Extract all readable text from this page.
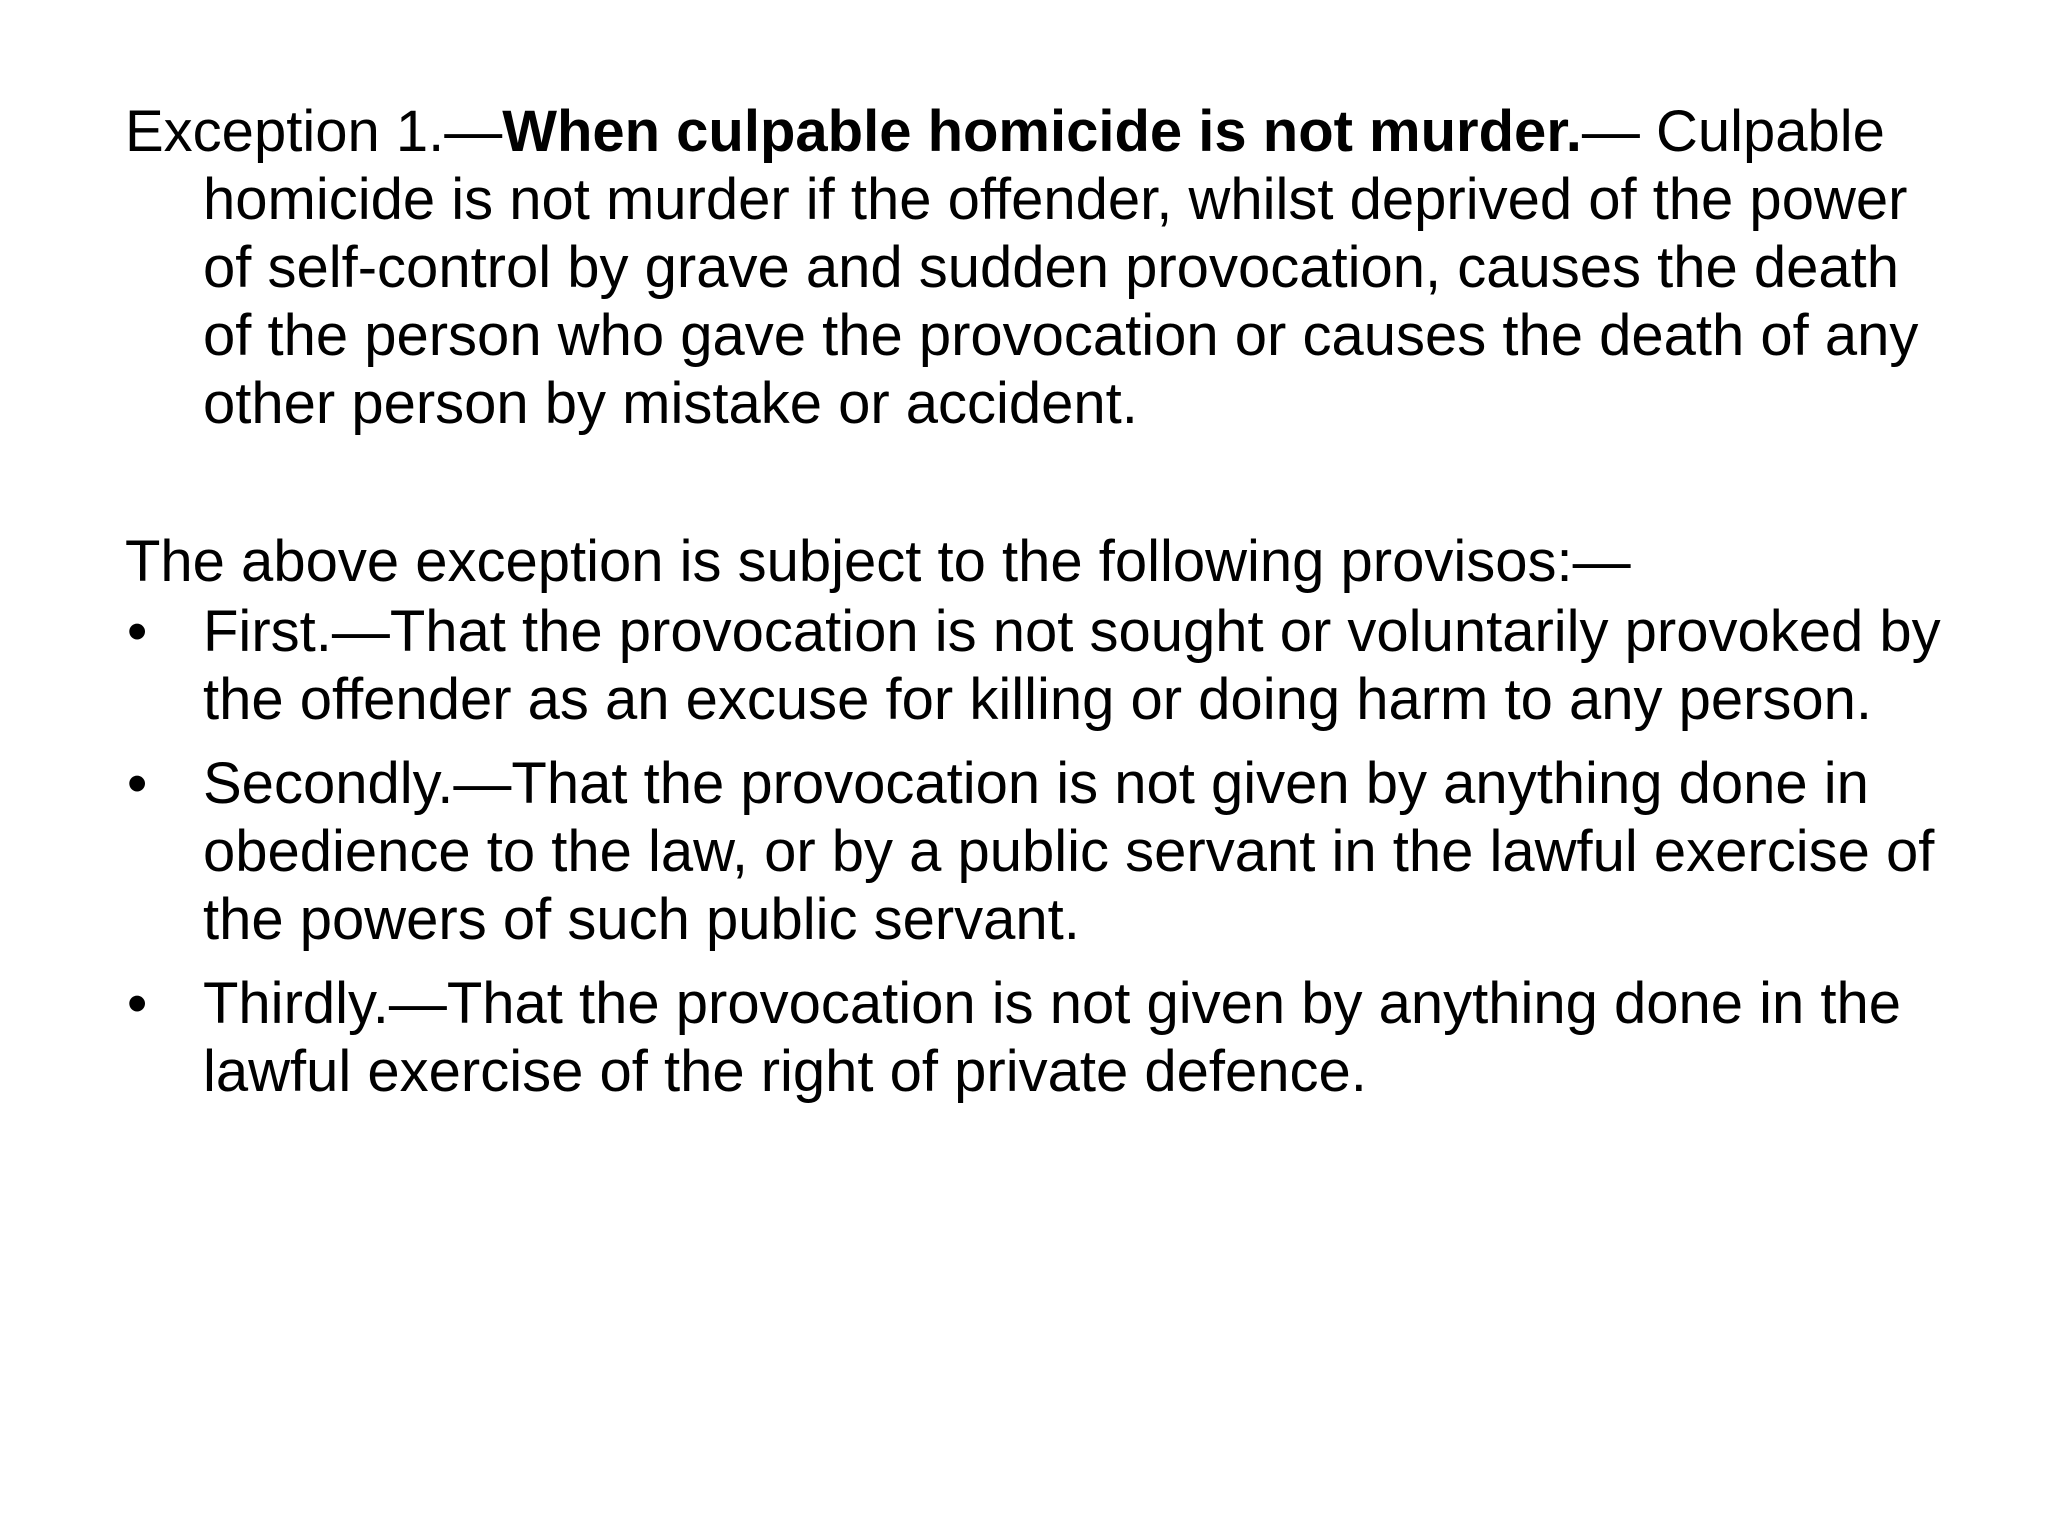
Exception 1.—When culpable homicide is not murder.— Culpable homicide is not murder if the offender, whilst deprived of the power of self-control by grave and sudden provocation, causes the death of the person who gave the provocation or causes the death of any other person by mistake or accident.

The above exception is subject to the following provisos:—

• First.—That the provocation is not sought or voluntarily provoked by the offender as an excuse for killing or doing harm to any person.
• Secondly.—That the provocation is not given by anything done in obedience to the law, or by a public servant in the lawful exercise of the powers of such public servant.
• Thirdly.—That the provocation is not given by anything done in the lawful exercise of the right of private defence.
